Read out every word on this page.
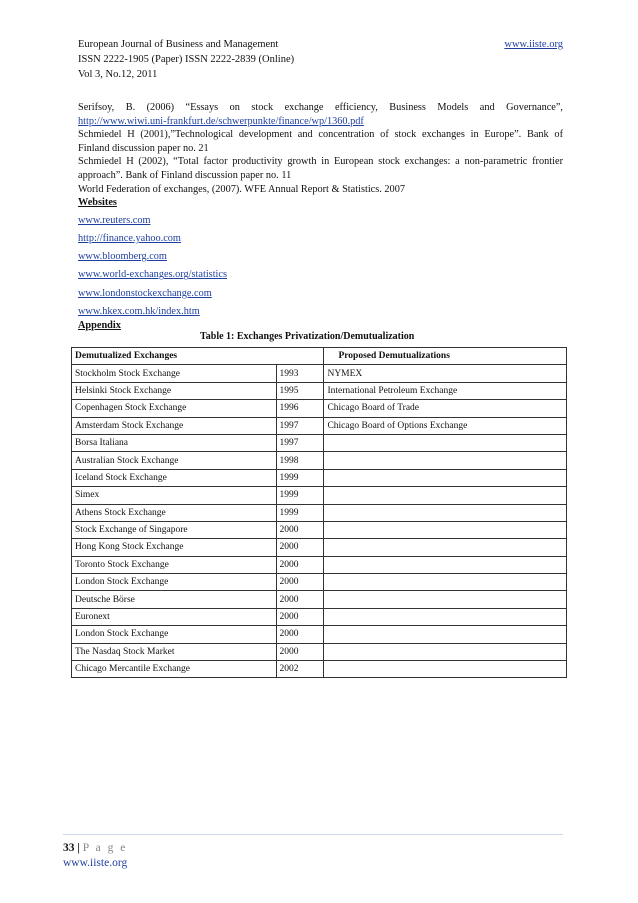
European Journal of Business and Management	www.iiste.org
ISSN 2222-1905 (Paper) ISSN 2222-2839 (Online)
Vol 3, No.12, 2011

Serifsoy, B. (2006) “Essays on stock exchange efficiency, Business Models and Governance”,

http://www.wiwi.uni-frankfurt.de/schwerpunkte/finance/wp/1360.pdf

Schmiedel H (2001),”Technological development and concentration of stock exchanges in Europe”. Bank of

Finland discussion paper no. 21

Schmiedel H (2002), “Total factor productivity growth in European stock exchanges: a non-parametric frontier

approach”. Bank of Finland discussion paper no. 11

World Federation of exchanges, (2007). WFE Annual Report & Statistics. 2007

Websites

www.reuters.com

http://finance.yahoo.com

www.bloomberg.com

www.world-exchanges.org/statistics

www.londonstockexchange.com

www.hkex.com.hk/index.htm

Appendix

Table 1: Exchanges Privatization/Demutualization
Demutualized Exchanges		Proposed Demutualizations
Stockholm Stock Exchange	1993	NYMEX
Helsinki Stock Exchange	1995	International Petroleum Exchange
Copenhagen Stock Exchange	1996	Chicago Board of Trade
Amsterdam Stock Exchange	1997	Chicago Board of Options Exchange
Borsa Italiana	1997	
Australian Stock Exchange	1998	
Iceland Stock Exchange	1999	
Simex	1999	
Athens Stock Exchange	1999	
Stock Exchange of Singapore	2000	
Hong Kong Stock Exchange	2000	
Toronto Stock Exchange	2000	
London Stock Exchange	2000	
Deutsche Börse	2000	
Euronext	2000	
London Stock Exchange	2000	
The Nasdaq Stock Market	2000	
Chicago Mercantile Exchange	2002	
33 | P a g e
www.iiste.org
